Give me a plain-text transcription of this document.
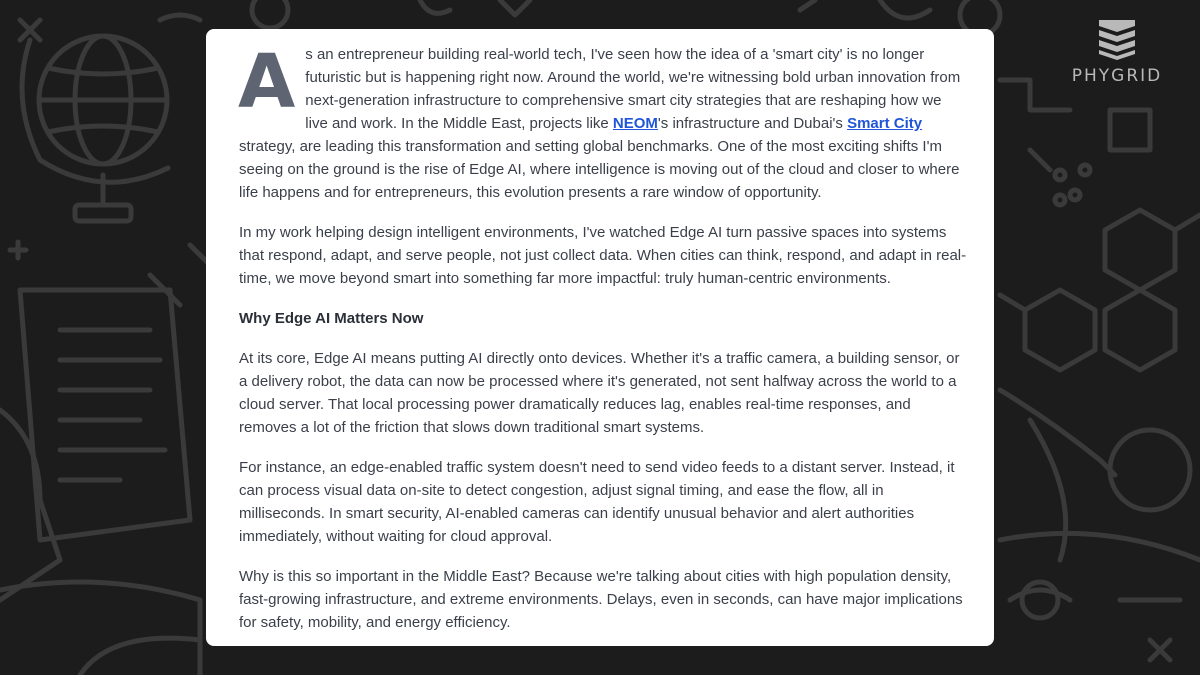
PHYGRID

As an entrepreneur building real-world tech, I've seen how the idea of a 'smart city' is no longer futuristic but is happening right now. Around the world, we're witnessing bold urban innovation from next-generation infrastructure to comprehensive smart city strategies that are reshaping how we live and work. In the Middle East, projects like NEOM's infrastructure and Dubai's Smart City strategy, are leading this transformation and setting global benchmarks. One of the most exciting shifts I'm seeing on the ground is the rise of Edge AI, where intelligence is moving out of the cloud and closer to where life happens and for entrepreneurs, this evolution presents a rare window of opportunity.

In my work helping design intelligent environments, I've watched Edge AI turn passive spaces into systems that respond, adapt, and serve people, not just collect data. When cities can think, respond, and adapt in real-time, we move beyond smart into something far more impactful: truly human-centric environments.

Why Edge AI Matters Now

At its core, Edge AI means putting AI directly onto devices. Whether it's a traffic camera, a building sensor, or a delivery robot, the data can now be processed where it's generated, not sent halfway across the world to a cloud server. That local processing power dramatically reduces lag, enables real-time responses, and removes a lot of the friction that slows down traditional smart systems.

For instance, an edge-enabled traffic system doesn't need to send video feeds to a distant server. Instead, it can process visual data on-site to detect congestion, adjust signal timing, and ease the flow, all in milliseconds. In smart security, AI-enabled cameras can identify unusual behavior and alert authorities immediately, without waiting for cloud approval.

Why is this so important in the Middle East? Because we're talking about cities with high population density, fast-growing infrastructure, and extreme environments. Delays, even in seconds, can have major implications for safety, mobility, and energy efficiency.
